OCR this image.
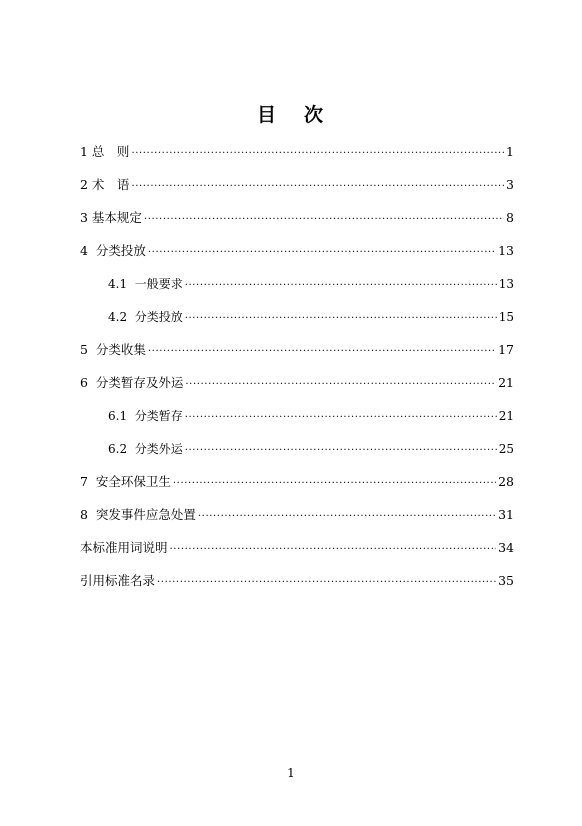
目 次
1 总　则 .....	1
2 术　语 .....	3
3 基本规定 .....	8
4  分类投放 .....	13
4.1  一般要求 .....	13
4.2  分类投放 .....	15
5  分类收集 .....	17
6  分类暂存及外运 .....	21
6.1  分类暂存 .....	21
6.2  分类外运 .....	25
7  安全环保卫生 .....	28
8  突发事件应急处置 .....	31
本标准用词说明 .....	34
引用标准名录 .....	35
1
